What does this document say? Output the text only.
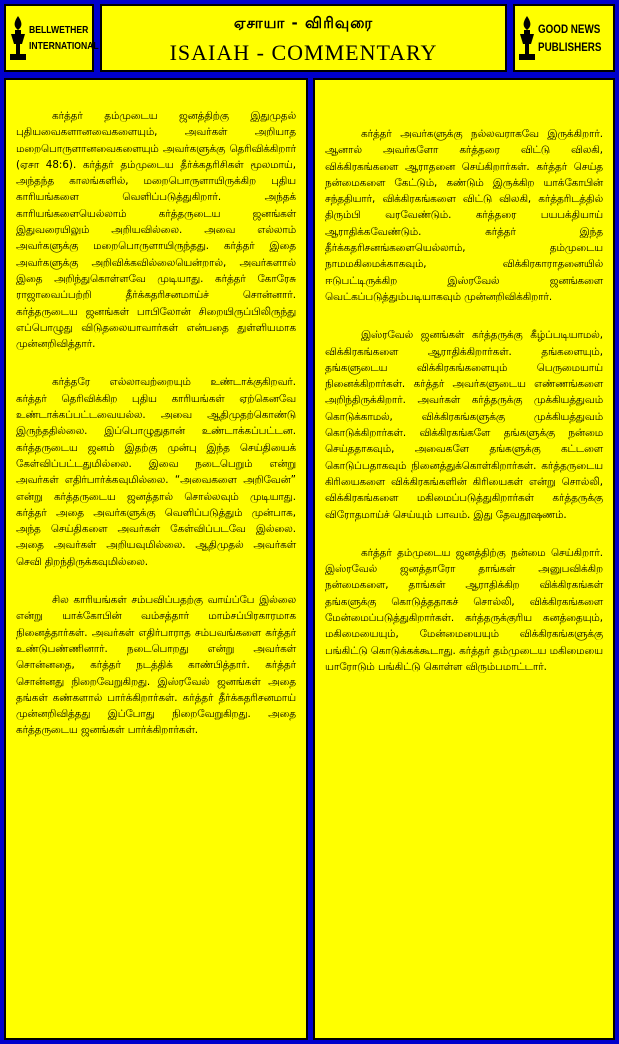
BELLWETHER
INTERNATIONAL
ஏசாயா - விரிவுரை
ISAIAH - COMMENTARY
GOOD NEWS
PUBLISHERS

கர்த்தர் தம்முடைய ஜனத்திற்கு இதுமுதல் புதியவைகளானவைகளையும், அவர்கள் அறியாத மறைபொருளானவைகளையும் அவர்களுக்கு தெரிவிக்கிறார் (ஏசா 48:6). கர்த்தர் தம்முடைய தீர்க்கதரிசிகள் மூலமாய், அந்தந்த காலங்களில், மறைபொருளாயிருக்கிற புதிய காரியங்களை வெளிப்படுத்துகிறார். அந்தக் காரியங்களையெல்லாம் கர்த்தருடைய ஜனங்கள் இதுவரையிலும் அறியவில்லை. அவை எல்லாம் அவர்களுக்கு மறைபொருளாயிருந்தது. கர்த்தர் இதை அவர்களுக்கு அறிவிக்கவில்லையென்றால், அவர்களால் இதை அறிந்துகொள்ளவே முடியாது. கர்த்தர் கோரேசு ராஜாவைப்பற்றி தீர்க்கதரிசனமாய்ச் சொன்னார். கர்த்தருடைய ஜனங்கள் பாபிலோன் சிறையிருப்பிலிருந்து எப்பொழுது விடுதலையாவார்கள் என்பதை துள்ளியமாக முன்னறிவித்தார்.

கர்த்தரே எல்லாவற்றையும் உண்டாக்குகிறவர். கர்த்தர் தெரிவிக்கிற புதிய காரியங்கள் ஏற்கெனவே உண்டாக்கப்பட்டவையல்ல. அவை ஆதிமுதற்கொண்டு இருந்ததில்லை. இப்பொழுதுதான் உண்டாக்கப்பட்டன. கர்த்தருடைய ஜனம் இதற்கு முன்பு இந்த செய்தியைக் கேள்விப்பட்டதுமில்லை. இவை நடைபெறும் என்று அவர்கள் எதிர்பார்க்கவுமில்லை. “அவைகளை அறிவேன்” என்று கர்த்தருடைய ஜனத்தால் சொல்லவும் முடியாது. கர்த்தர் அதை அவர்களுக்கு வெளிப்படுத்தும் முன்பாக, அந்த செய்திகளை அவர்கள் கேள்விப்படவே இல்லை. அதை அவர்கள் அறியவுமில்லை. ஆதிமுதல் அவர்கள் செவி திறந்திருக்கவுமில்லை.

சில காரியங்கள் சம்பவிப்பதற்கு வாய்ப்பே இல்லை என்று யாக்கோபின் வம்சத்தார் மாம்சப்பிரகாரமாக நினைத்தார்கள். அவர்கள் எதிர்பாராத சம்பவங்களை கர்த்தர் உண்டுபண்ணினார். நடைபொறது என்று அவர்கள் சொன்னதை, கர்த்தர் நடத்திக் காண்பித்தார். கர்த்தர் சொன்னது நிறைவேறுகிறது. இஸ்ரவேல் ஜனங்கள் அதை தங்கள் கண்களால் பார்க்கிறார்கள். கர்த்தர் தீர்க்கதரிசனமாய் முன்னறிவித்தது இப்போது நிறைவேறுகிறது. அதை கர்த்தருடைய ஜனங்கள் பார்க்கிறார்கள்.

கர்த்தர் அவர்களுக்கு நல்லவராகவே இருக்கிறார். ஆனால் அவர்களோ கர்த்தரை விட்டு விலகி, விக்கிரகங்களை ஆராதனை செய்கிறார்கள். கர்த்தர் செய்த நன்மைகளை கேட்டும், கண்டும் இருக்கிற யாக்கோபின் சந்ததியார், விக்கிரகங்களை விட்டு விலகி, கர்த்தரிடத்தில் திரும்பி வரவேண்டும். கர்த்தரை பயபக்தியாய் ஆராதிக்கவேண்டும். கர்த்தர் இந்த தீர்க்கதரிசனங்களையெல்லாம், தம்முடைய நாமமகிமைக்காகவும், விக்கிரகாராதனையில் ஈடுபட்டிருக்கிற இஸ்ரவேல் ஜனங்களை வெட்கப்படுத்தும்படியாகவும் முன்னறிவிக்கிறார்.

இஸ்ரவேல் ஜனங்கள் கர்த்தருக்கு கீழ்ப்படியாமல், விக்கிரகங்களை ஆராதிக்கிறார்கள். தங்களையும், தங்களுடைய விக்கிரகங்களையும் பெருமையாய் நினைக்கிறார்கள். கர்த்தர் அவர்களுடைய எண்ணங்களை அறிந்திருக்கிறார். அவர்கள் கர்த்தருக்கு முக்கியத்துவம் கொடுக்காமல், விக்கிரகங்களுக்கு முக்கியத்துவம் கொடுக்கிறார்கள். விக்கிரகங்களே தங்களுக்கு நன்மை செய்ததாகவும், அவைகளே தங்களுக்கு கட்டளை கொடுப்பதாகவும் நினைத்துக்கொள்கிறார்கள். கர்த்தருடைய கிரியைகளை விக்கிரகங்களின் கிரியைகள் என்று சொல்லி, விக்கிரகங்களை மகிமைப்படுத்துகிறார்கள் கர்த்தருக்கு விரோதமாய்ச் செய்யும் பாவம். இது தேவதூஷணம்.

கர்த்தர் தம்முடைய ஜனத்திற்கு நன்மை செய்கிறார். இஸ்ரவேல் ஜனத்தாரோ தாங்கள் அனுபவிக்கிற நன்மைகளை, தாங்கள் ஆராதிக்கிற விக்கிரகங்கள் தங்களுக்கு கொடுத்ததாகச் சொல்லி, விக்கிரகங்களை மேன்மைப்படுத்துகிறார்கள். கர்த்தருக்குரிய கனத்தையும், மகிமையையும், மேன்மையையும் விக்கிரகங்களுக்கு பங்கிட்டு கொடுக்கக்கூடாது. கர்த்தர் தம்முடைய மகிமையை யாரோடும் பங்கிட்டு கொள்ள விரும்பமாட்டார்.
